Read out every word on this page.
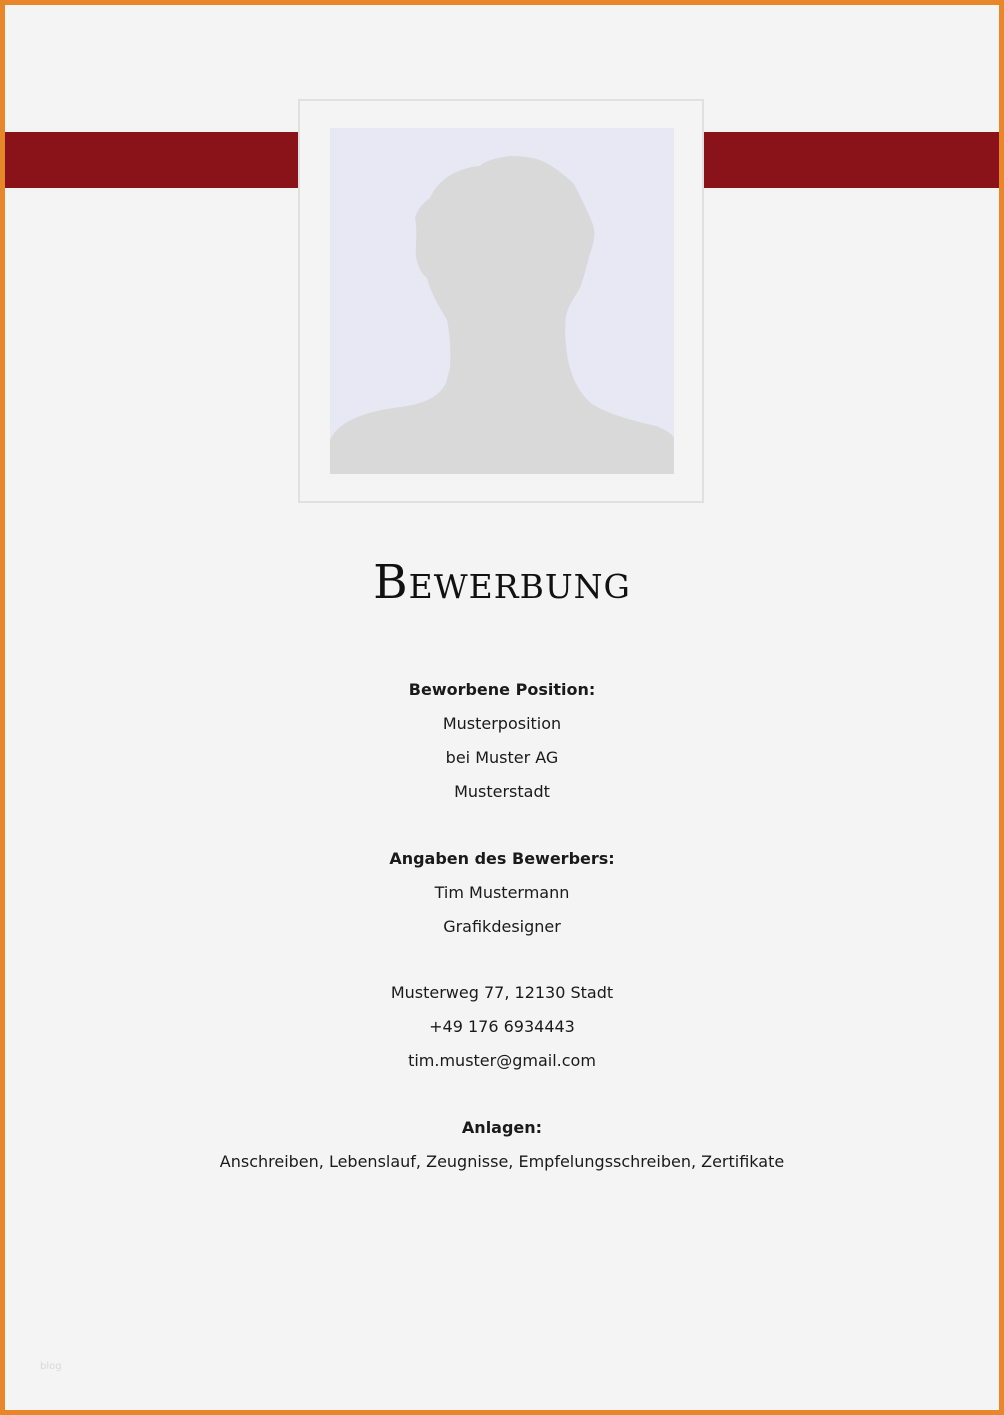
Bewerbung
Beworbene Position:
Musterposition
bei Muster AG
Musterstadt
Angaben des Bewerbers:
Tim Mustermann
Grafikdesigner
Musterweg 77, 12130 Stadt
+49 176 6934443
tim.muster@gmail.com
Anlagen:
Anschreiben, Lebenslauf, Zeugnisse, Empfelungsschreiben, Zertifikate
blog
